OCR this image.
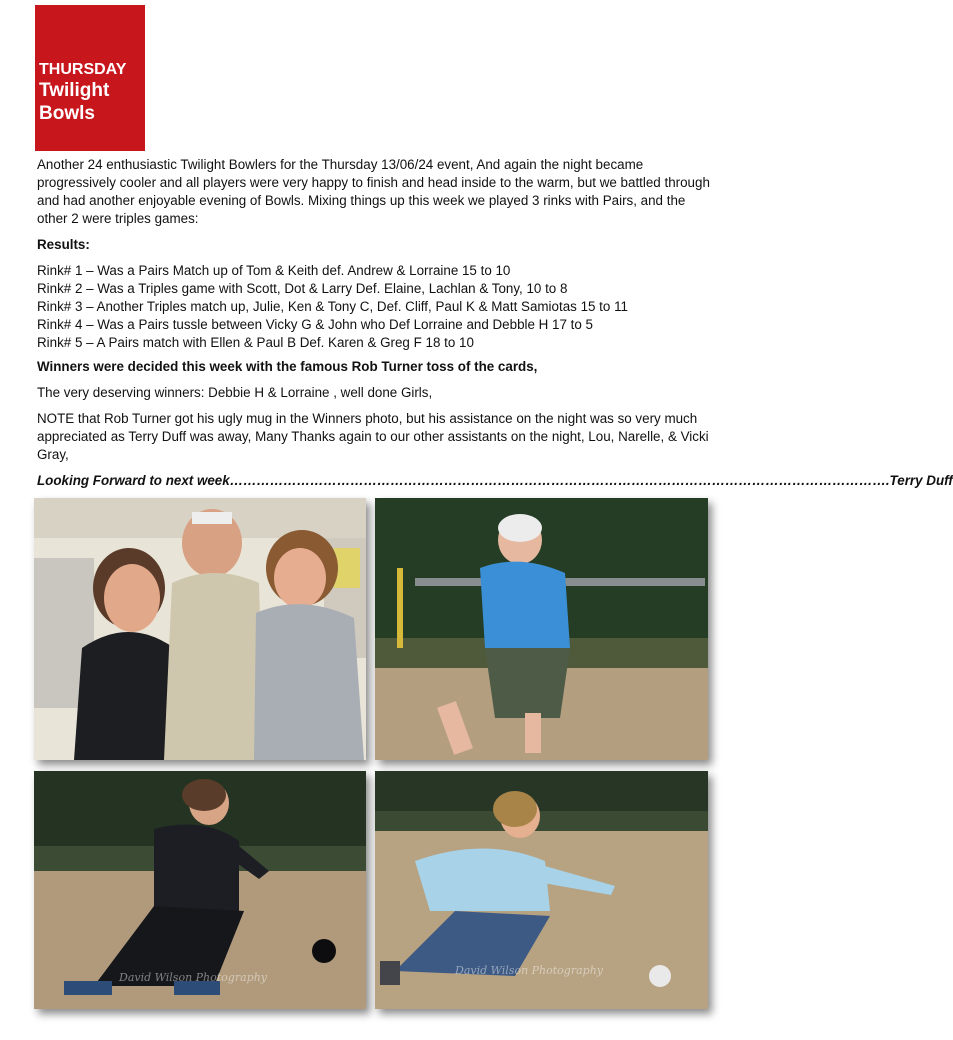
THURSDAY
Twilight
Bowls

Another 24 enthusiastic Twilight Bowlers for the Thursday 13/06/24 event, And again the night became progressively cooler and all players were very happy to finish and head inside to the warm, but we battled through and had another enjoyable evening of Bowls. Mixing things up this week we played 3 rinks with Pairs, and the other 2 were triples games:

Results:

Rink# 1 – Was a Pairs Match up of Tom & Keith def. Andrew & Lorraine 15 to 10
Rink# 2 – Was a Triples game with Scott, Dot & Larry Def. Elaine, Lachlan & Tony, 10 to 8
Rink# 3 – Another Triples match up, Julie, Ken & Tony C, Def. Cliff, Paul K & Matt Samiotas 15 to 11
Rink# 4 – Was a Pairs tussle between Vicky G & John who Def Lorraine and Debble H 17 to 5
Rink# 5 – A Pairs match with Ellen & Paul B Def. Karen & Greg F 18 to 10

Winners were decided this week with the famous Rob Turner toss of the cards,

The very deserving winners: Debbie H & Lorraine , well done Girls,

NOTE that Rob Turner got his ugly mug in the Winners photo, but his assistance on the night was so very much appreciated as Terry Duff was away, Many Thanks again to our other assistants on the night, Lou, Narelle, & Vicki Gray,

Looking Forward to next week………………………………………………………………………………………………………………………………….Terry Duff

David Wilson Photography
David Wilson Photography
